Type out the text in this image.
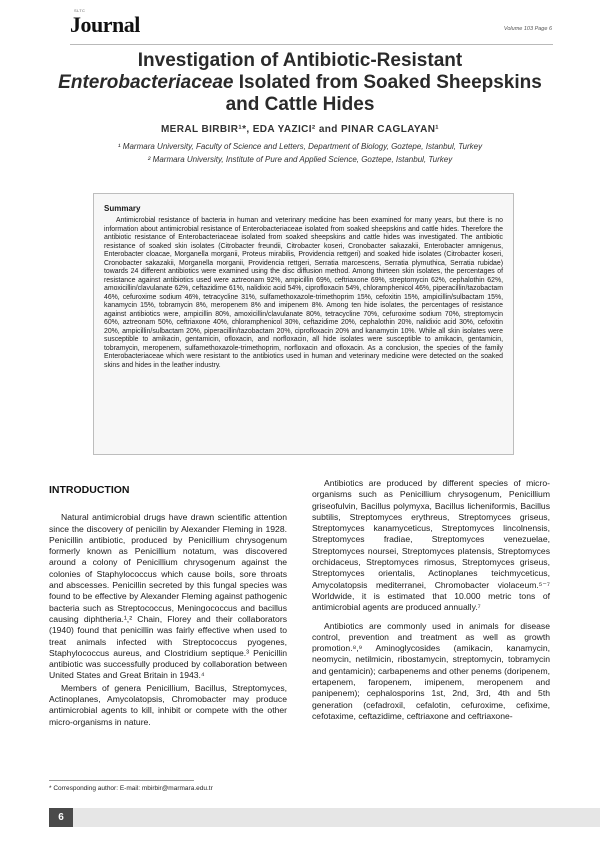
SLTC
Journal	Volume 103 Page 6
Investigation of Antibiotic-Resistant
Enterobacteriaceae Isolated from Soaked Sheepskins
and Cattle Hides
MERAL BIRBIR¹*, EDA YAZICI² and PINAR CAGLAYAN¹
¹ Marmara University, Faculty of Science and Letters, Department of Biology, Goztepe, Istanbul, Turkey
² Marmara University, Institute of Pure and Applied Science, Goztepe, Istanbul, Turkey
Summary

Antimicrobial resistance of bacteria in human and veterinary medicine has been examined for many years, but there is no information about antimicrobial resistance of Enterobacteriaceae isolated from soaked sheepskins and cattle hides. Therefore the antibiotic resistance of Enterobacteriaceae isolated from soaked sheepskins and cattle hides was investigated. The antibiotic resistance of soaked skin isolates (Citrobacter freundii, Citrobacter koseri, Cronobacter sakazakii, Enterobacter amnigenus, Enterobacter cloacae, Morganella morganii, Proteus mirabilis, Providencia rettgeri) and soaked hide isolates (Citrobacter koseri, Cronobacter sakazakii, Morganella morganii, Providencia rettgeri, Serratia marcescens, Serratia plymuthica, Serratia rubidae) towards 24 different antibiotics were examined using the disc diffusion method. Among thirteen skin isolates, the percentages of resistance against antibiotics used were aztreonam 92%, ampicillin 69%, ceftriaxone 69%, streptomycin 62%, cephalothin 62%, amoxicillin/clavulanate 62%, ceftazidime 61%, nalidixic acid 54%, ciprofloxacin 54%, chloramphenicol 46%, piperacillin/tazobactam 46%, cefuroxime sodium 46%, tetracycline 31%, sulfamethoxazole-trimethoprim 15%, cefoxitin 15%, ampicillin/sulbactam 15%, kanamycin 15%, tobramycin 8%, meropenem 8% and imipenem 8%. Among ten hide isolates, the percentages of resistance against antibiotics were, ampicillin 80%, amoxicillin/clavulanate 80%, tetracycline 70%, cefuroxime sodium 70%, streptomycin 60%, aztreonam 50%, ceftriaxone 40%, chloramphenicol 30%, ceftazidime 20%, cephalothin 20%, nalidixic acid 30%, cefoxitin 20%, ampicillin/sulbactam 20%, piperacillin/tazobactam 20%, ciprofloxacin 20% and kanamycin 10%. While all skin isolates were susceptible to amikacin, gentamicin, ofloxacin, and norfloxacin, all hide isolates were susceptible to amikacin, gentamicin, tobramycin, meropenem, sulfamethoxazole-trimethoprim, norfloxacin and ofloxacin. As a conclusion, the species of the family Enterobacteriaceae which were resistant to the antibiotics used in human and veterinary medicine were detected on the soaked skins and hides in the leather industry.

INTRODUCTION

Natural antimicrobial drugs have drawn scientific attention since the discovery of penicilin by Alexander Fleming in 1928. Penicillin antibiotic, produced by Penicillium chrysogenum formerly known as Penicillium notatum, was discovered around a colony of Penicillium chrysogenum against the colonies of Staphylococcus which cause boils, sore throats and abscesses. Penicillin secreted by this fungal species was found to be effective by Alexander Fleming against pathogenic bacteria such as Streptococcus, Meningococcus and bacillus causing diphtheria.¹,² Chain, Florey and their collaborators (1940) found that penicillin was fairly effective when used to treat animals infected with Streptococcus pyogenes, Staphylococcus aureus, and Clostridium septique.³ Penicillin antibiotic was successfully produced by collaboration between United States and Great Britain in 1943.⁴

Members of genera Penicillium, Bacillus, Streptomyces, Actinoplanes, Amycolatopsis, Chromobacter may produce antimicrobial agents to kill, inhibit or compete with the other micro-organisms in nature.

Antibiotics are produced by different species of micro-organisms such as Penicillium chrysogenum, Penicillium griseofulvin, Bacillus polymyxa, Bacillus licheniformis, Bacillus subtilis, Streptomyces erythreus, Streptomyces griseus, Streptomyces kanamyceticus, Streptomyces lincolnensis, Streptomyces fradiae, Streptomyces venezuelae, Streptomyces noursei, Streptomyces platensis, Streptomyces orchidaceus, Streptomyces rimosus, Streptomyces griseus, Streptomyces orientalis, Actinoplanes teichmyceticus, Amycolatopsis mediterranei, Chromobacter violaceum.⁵⁻⁷ Worldwide, it is estimated that 10.000 metric tons of antimicrobial agents are produced annually.⁷

Antibiotics are commonly used in animals for disease control, prevention and treatment as well as growth promotion.⁸,⁹ Aminoglycosides (amikacin, kanamycin, neomycin, netilmicin, ribostamycin, streptomycin, tobramycin and gentamicin); carbapenems and other penems (doripenem, ertapenem, faropenem, imipenem, meropenem and panipenem); cephalosporins 1st, 2nd, 3rd, 4th and 5th generation (cefadroxil, cefalotin, cefuroxime, cefixime, cefotaxime, ceftazidime, ceftriaxone and ceftriaxone-

* Corresponding author: E-mail: mbirbir@marmara.edu.tr
6
